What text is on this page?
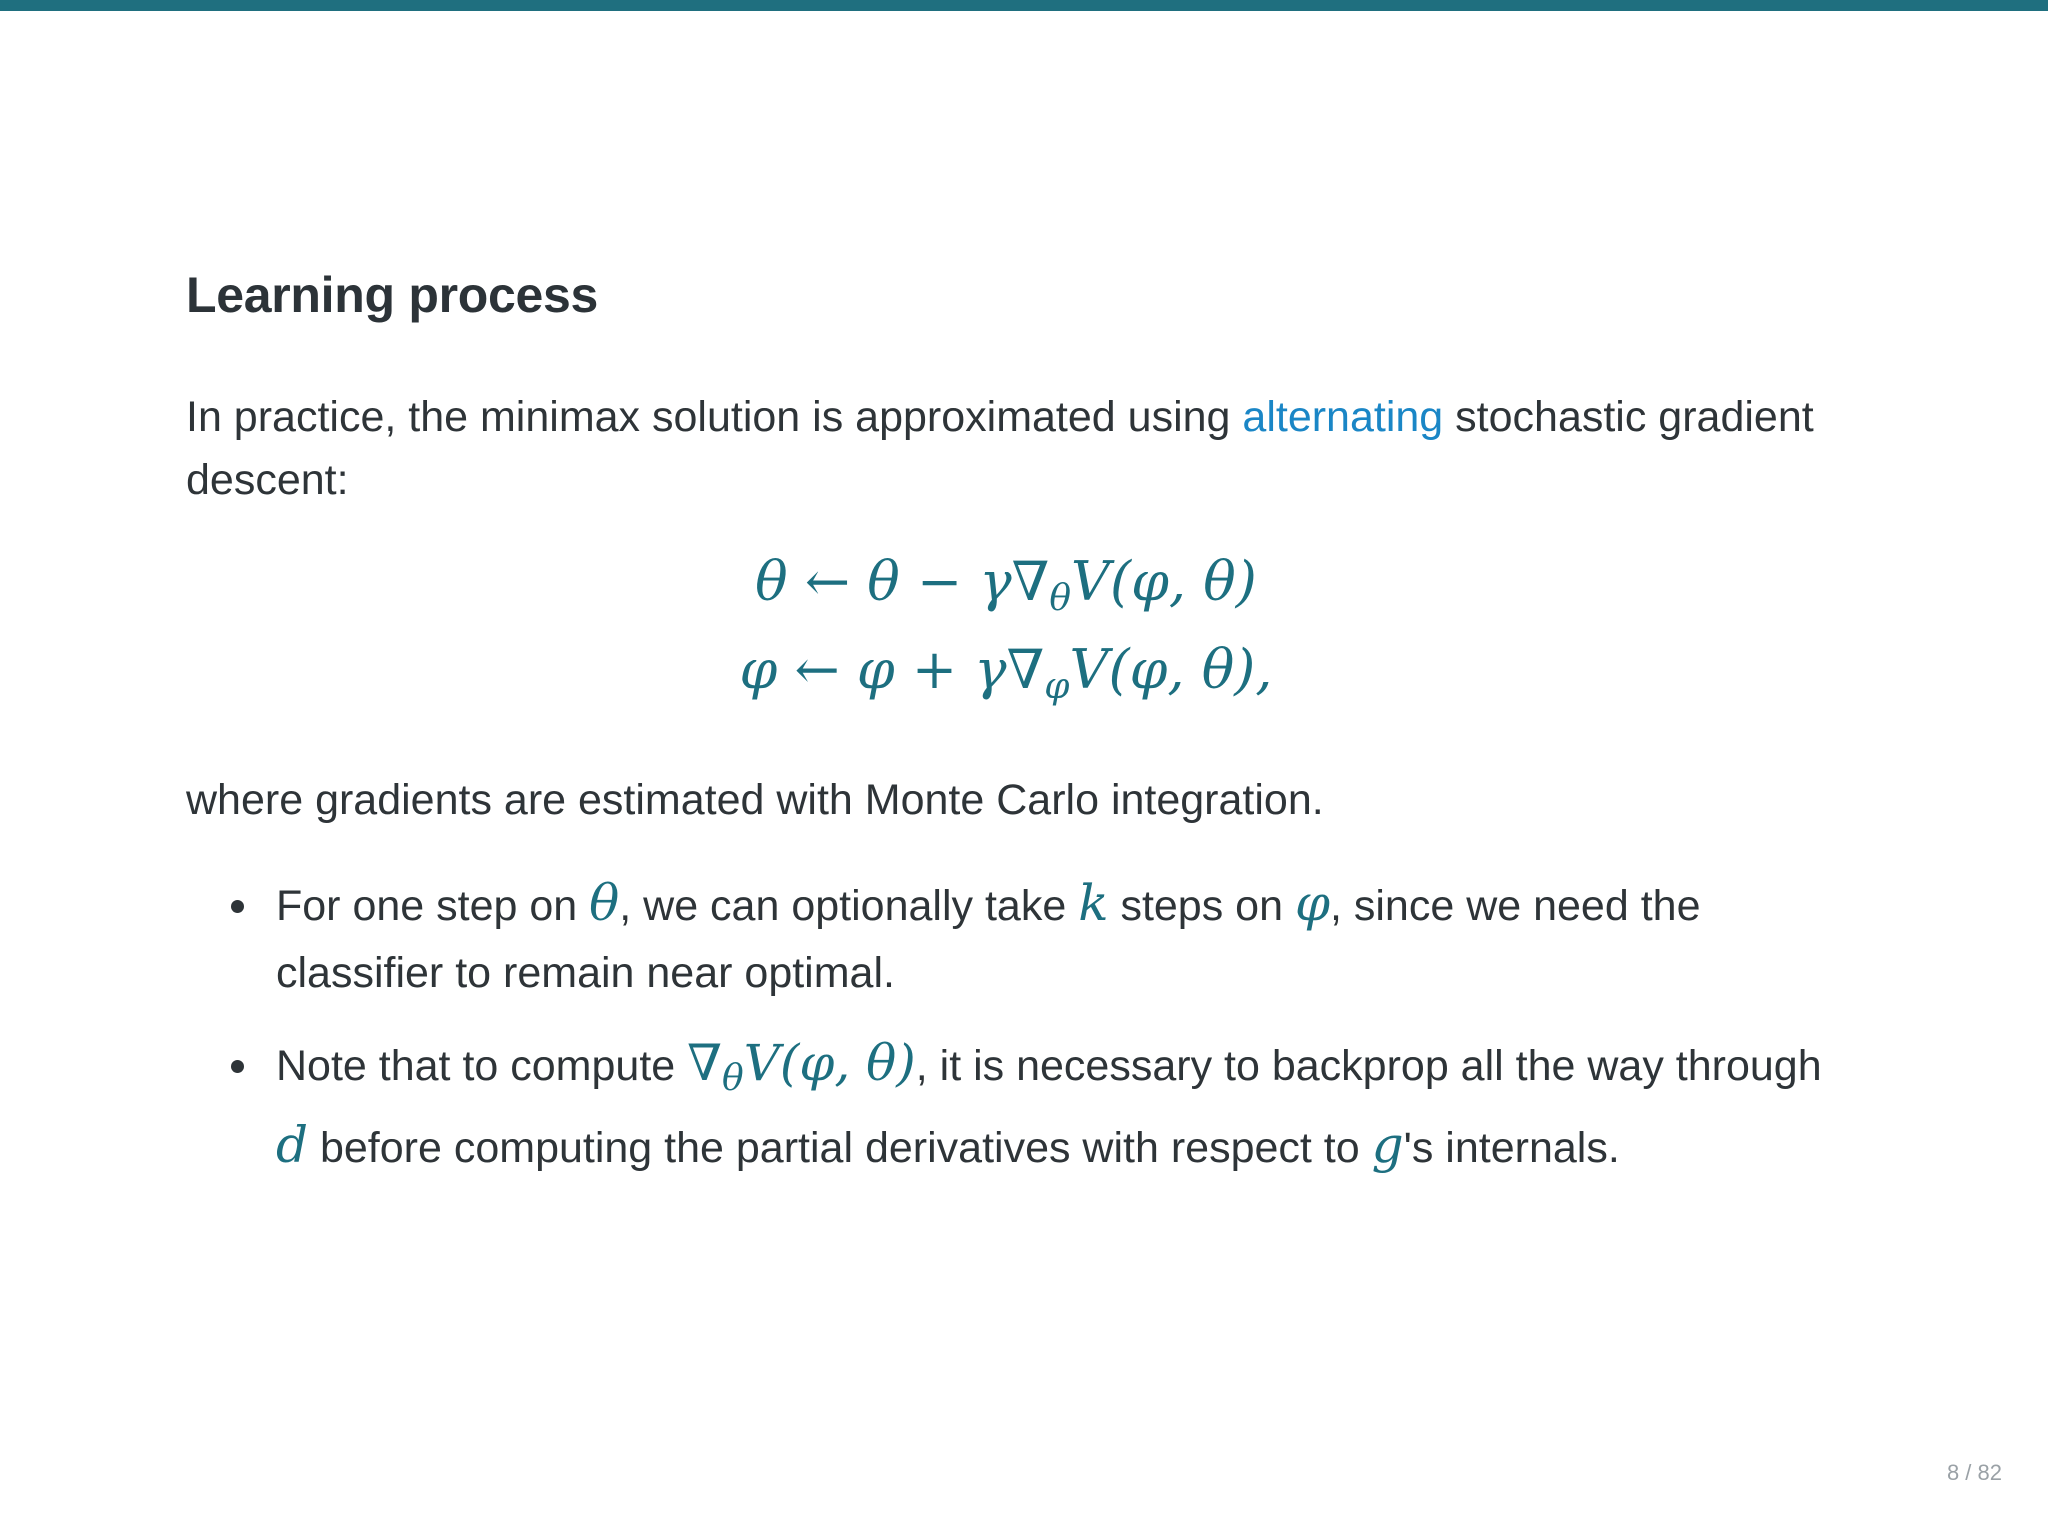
Learning process

In practice, the minimax solution is approximated using alternating stochastic gradient descent:

θ ← $\theta - \gamma\nabla_\theta V(\varphi$, θ)
φ ← $\varphi + \gamma\nabla_\varphi V(\varphi$, θ),

where gradients are estimated with Monte Carlo integration.

For one step on θ, we can optionally take k steps on φ, since we need the classifier to remain near optimal.
Note that to compute $\nabla_\theta V(\varphi$, θ), it is necessary to backprop all the way through d before computing the partial derivatives with respect to g's internals.
8 / 82
